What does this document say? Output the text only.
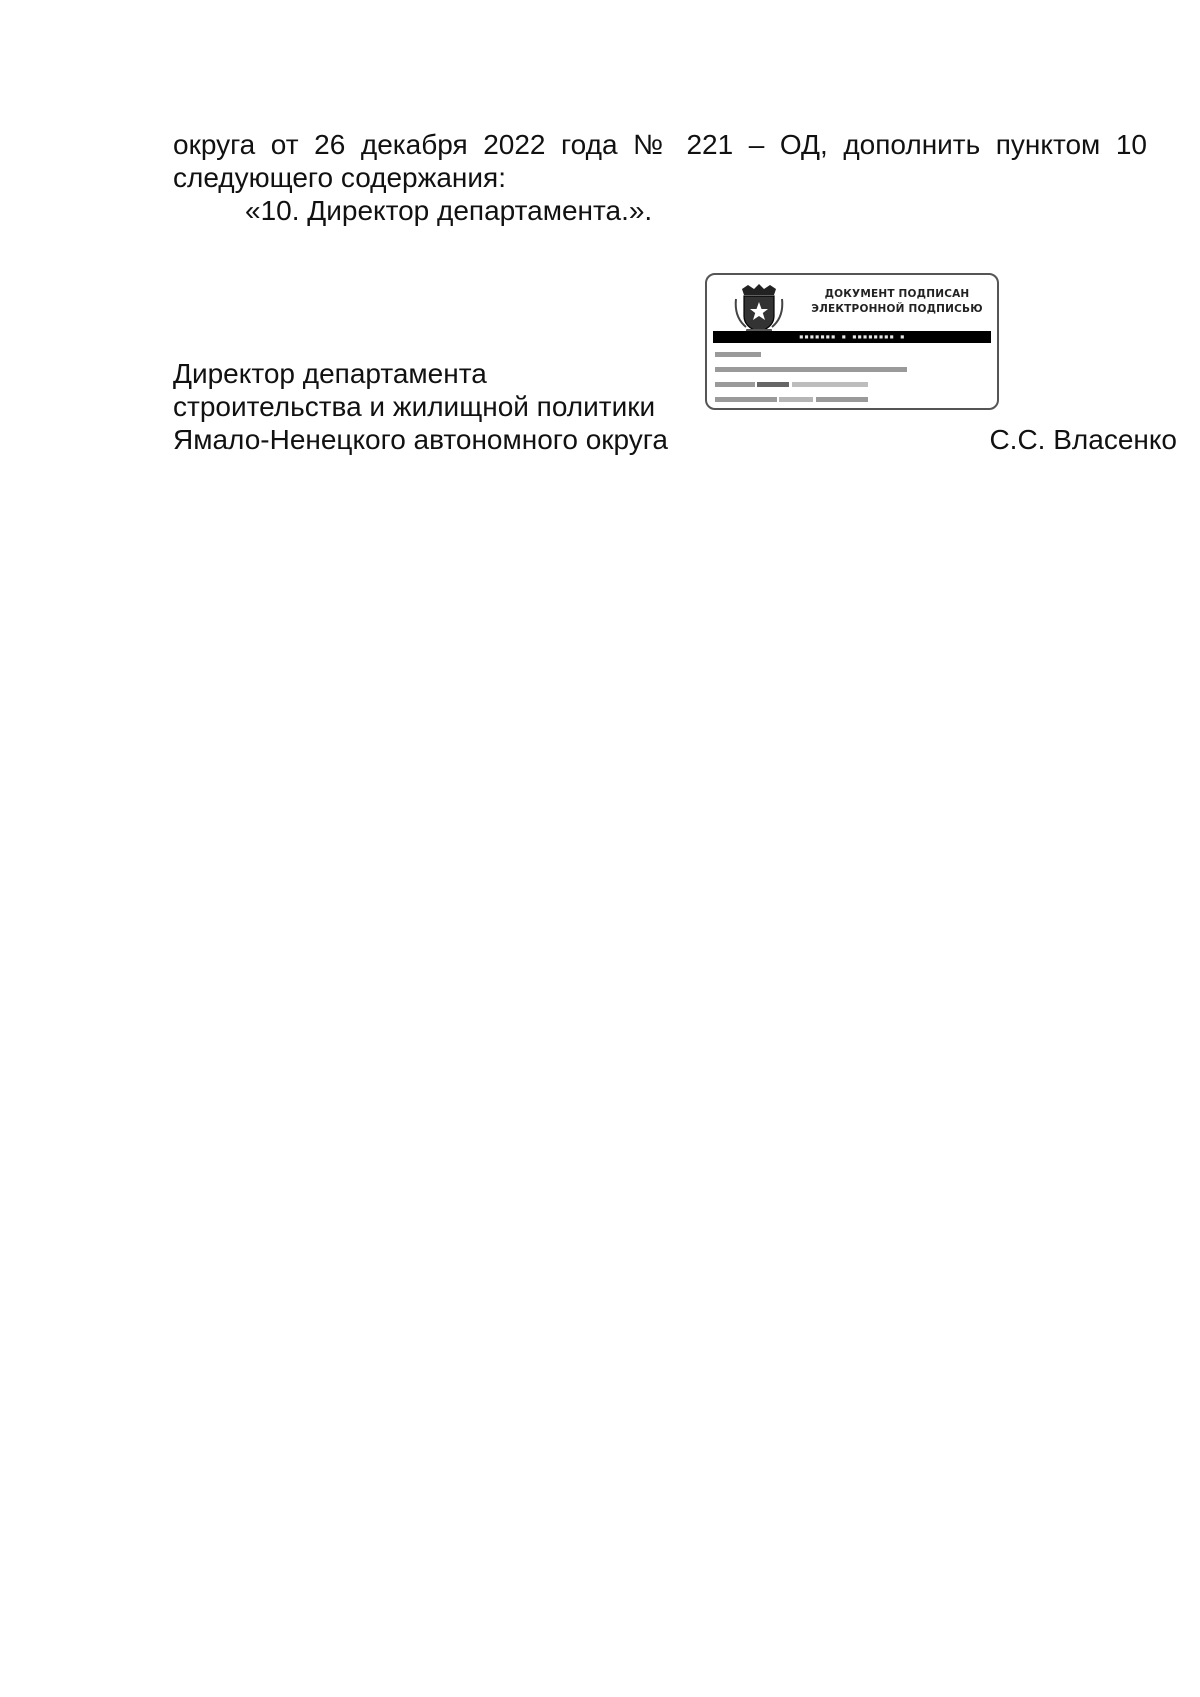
округа от 26 декабря 2022 года № 221 – ОД, дополнить пунктом 10

следующего содержания:

«10. Директор департамента.».

ДОКУМЕНТ ПОДПИСАН
ЭЛЕКТРОННОЙ ПОДПИСЬЮ
▪▪▪▪▪▪▪ ▪ ▪▪▪▪▪▪▪▪ ▪

Директор департамента
строительства и жилищной политики
Ямало-Ненецкого автономного округа	С.С. Власенко
